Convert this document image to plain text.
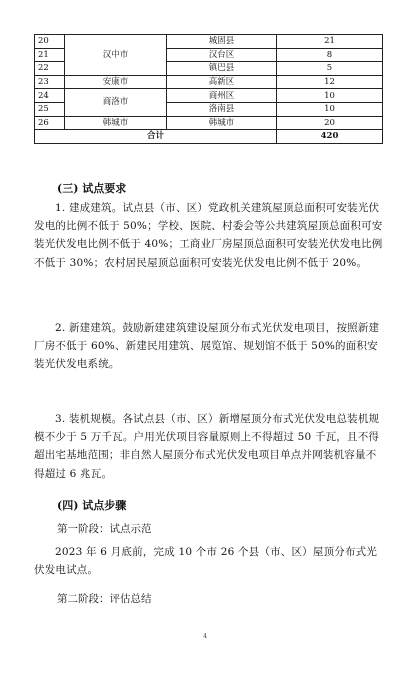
20	汉中市	城固县	21
21		汉台区	8
22		镇巴县	5
23	安康市	高新区	12
24	商洛市	商州区	10
25		洛南县	10
26	韩城市	韩城市	20
合计			420
(三) 试点要求
1. 建成建筑。试点县（市、区）党政机关建筑屋顶总面积可安装光伏发电的比例不低于 50%；学校、医院、村委会等公共建筑屋顶总面积可安装光伏发电比例不低于 40%；工商业厂房屋顶总面积可安装光伏发电比例不低于 30%；农村居民屋顶总面积可安装光伏发电比例不低于 20%。
2. 新建建筑。鼓励新建建筑建设屋顶分布式光伏发电项目，按照新建厂房不低于 60%、新建民用建筑、展览馆、规划馆不低于 50%的面积安装光伏发电系统。
3. 装机规模。各试点县（市、区）新增屋顶分布式光伏发电总装机规模不少于 5 万千瓦。户用光伏项目容量原则上不得超过 50 千瓦，且不得超出宅基地范围；非自然人屋顶分布式光伏发电项目单点并网装机容量不得超过 6 兆瓦。
(四) 试点步骤
第一阶段：试点示范
2023 年 6 月底前，完成 10 个市 26 个县（市、区）屋顶分布式光伏发电试点。
第二阶段：评估总结
4
